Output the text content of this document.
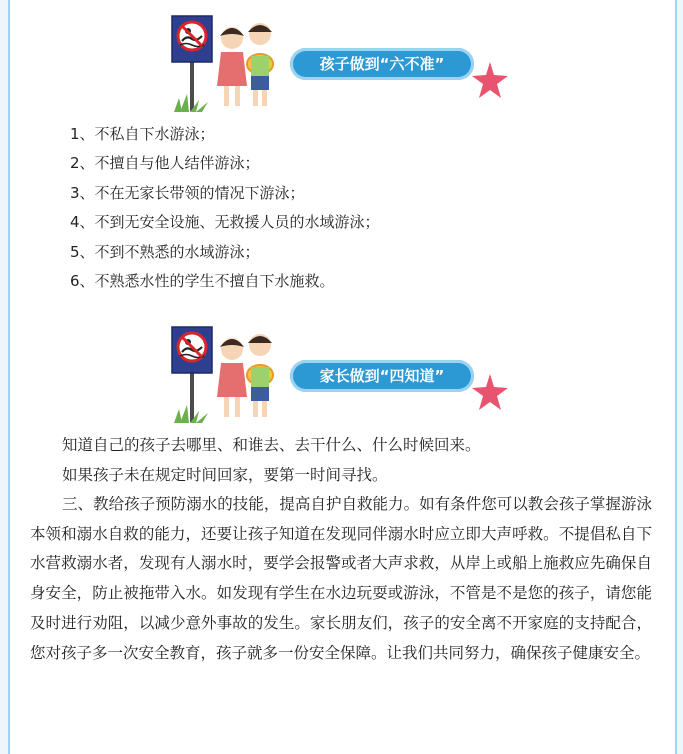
孩子做到“六不准”
1、不私自下水游泳；
2、不擅自与他人结伴游泳；
3、不在无家长带领的情况下游泳；
4、不到无安全设施、无救援人员的水域游泳；
5、不到不熟悉的水域游泳；
6、不熟悉水性的学生不擅自下水施救。
家长做到“四知道”

知道自己的孩子去哪里、和谁去、去干什么、什么时候回来。

如果孩子未在规定时间回家，要第一时间寻找。

三、教给孩子预防溺水的技能，提高自护自救能力。如有条件您可以教会孩子掌握游泳本领和溺水自救的能力，还要让孩子知道在发现同伴溺水时应立即大声呼救。不提倡私自下水营救溺水者，发现有人溺水时，要学会报警或者大声求救，从岸上或船上施救应先确保自身安全，防止被拖带入水。如发现有学生在水边玩耍或游泳，不管是不是您的孩子，请您能及时进行劝阻，以减少意外事故的发生。家长朋友们，孩子的安全离不开家庭的支持配合，您对孩子多一次安全教育，孩子就多一份安全保障。让我们共同努力，确保孩子健康安全。
